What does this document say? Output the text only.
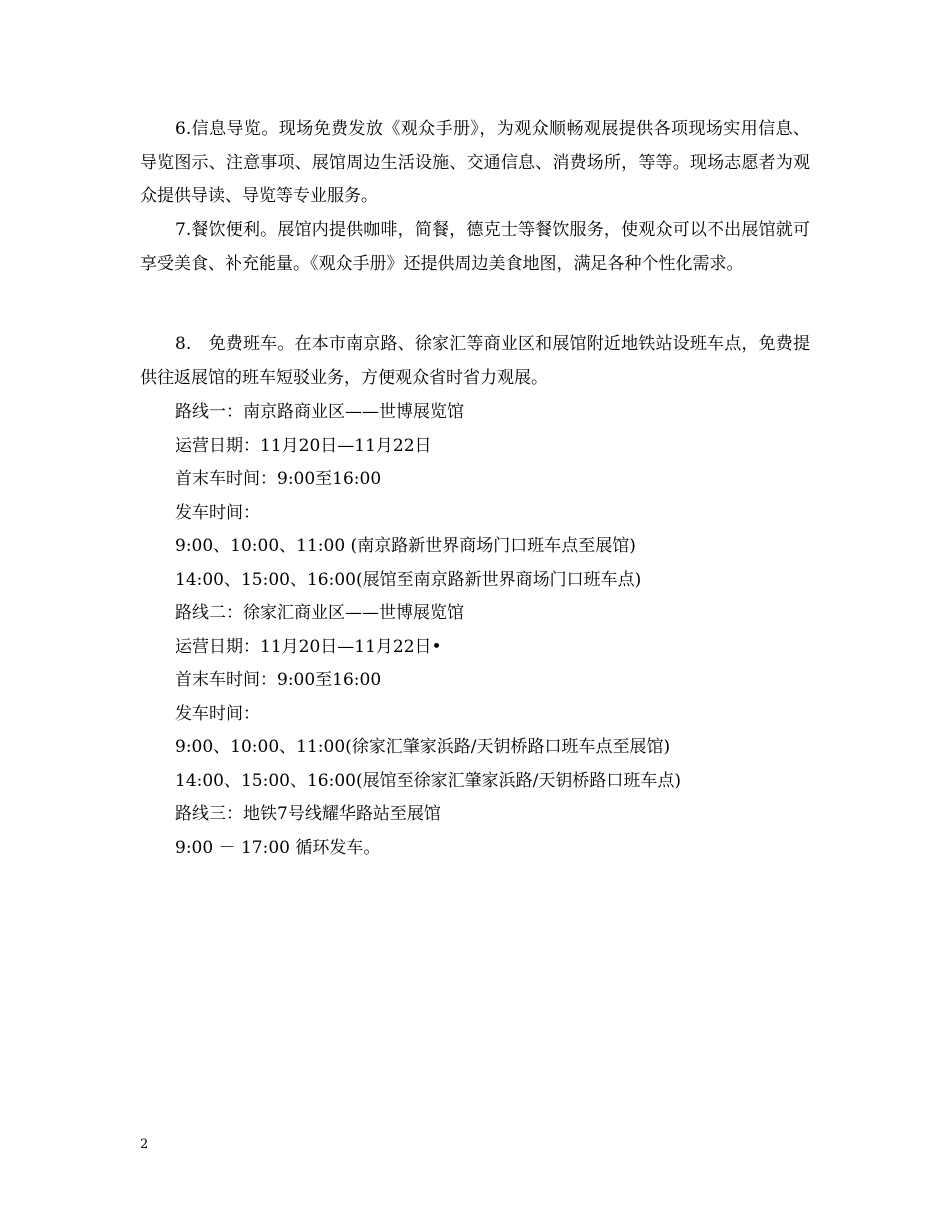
6.信息导览。现场免费发放《观众手册》，为观众顺畅观展提供各项现场实用信息、导览图示、注意事项、展馆周边生活设施、交通信息、消费场所，等等。现场志愿者为观众提供导读、导览等专业服务。

7.餐饮便利。展馆内提供咖啡，简餐，德克士等餐饮服务，使观众可以不出展馆就可享受美食、补充能量。《观众手册》还提供周边美食地图，满足各种个性化需求。

8.　免费班车。在本市南京路、徐家汇等商业区和展馆附近地铁站设班车点，免费提供往返展馆的班车短驳业务，方便观众省时省力观展。

路线一：南京路商业区——世博展览馆

运营日期：11月20日—11月22日

首末车时间：9:00至16:00

发车时间：

9:00、10:00、11:00 (南京路新世界商场门口班车点至展馆)

14:00、15:00、16:00(展馆至南京路新世界商场门口班车点)

路线二：徐家汇商业区——世博展览馆

运营日期：11月20日—11月22日•

首末车时间：9:00至16:00

发车时间：

9:00、10:00、11:00(徐家汇肇家浜路/天钥桥路口班车点至展馆)

14:00、15:00、16:00(展馆至徐家汇肇家浜路/天钥桥路口班车点)

路线三：地铁7号线耀华路站至展馆

9:00 － 17:00 循环发车。

2
